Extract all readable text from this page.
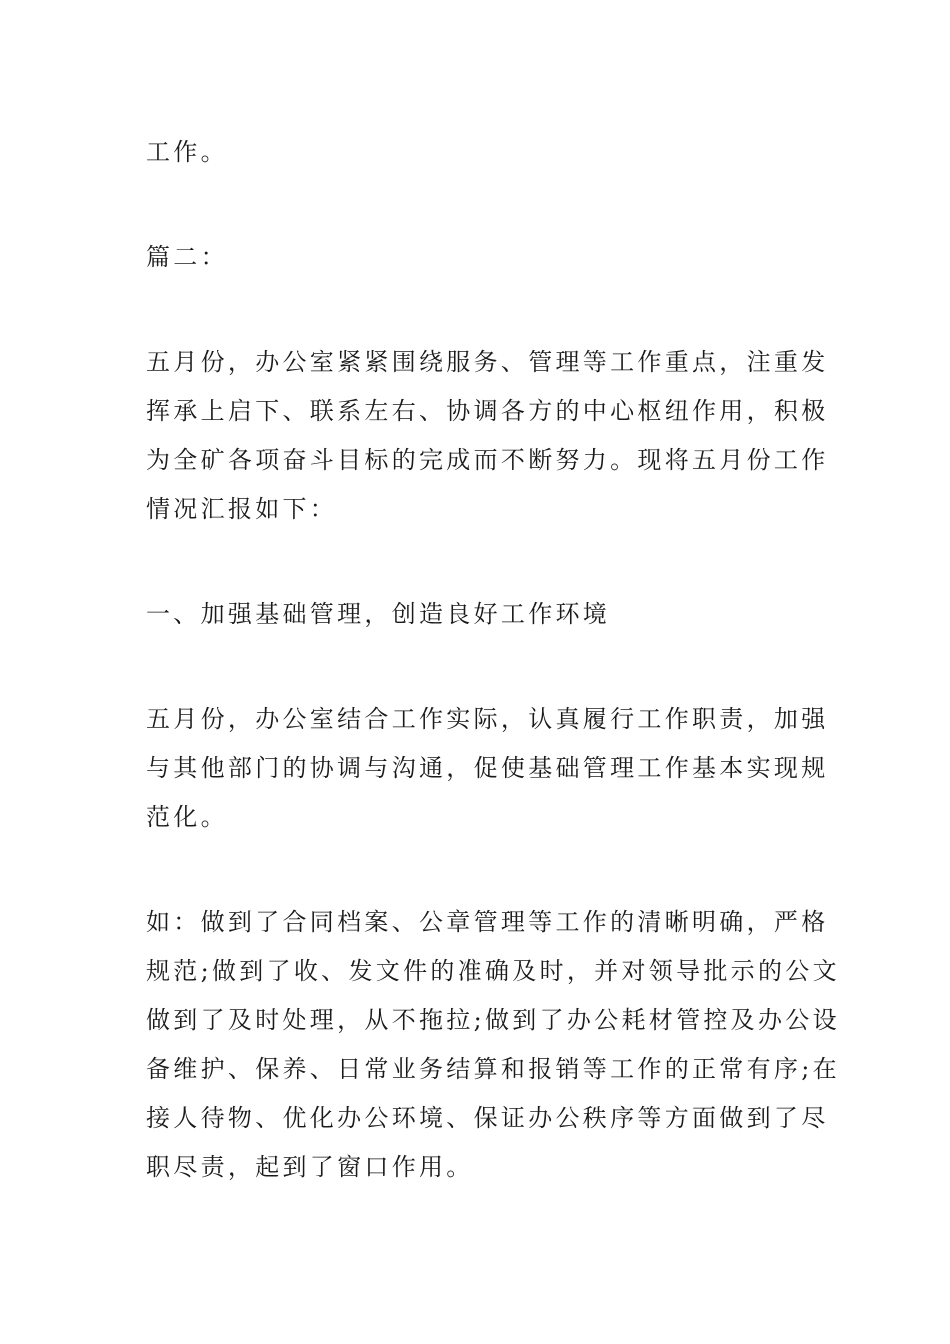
工作。

篇二：

五月份，办公室紧紧围绕服务、管理等工作重点，注重发
挥承上启下、联系左右、协调各方的中心枢纽作用，积极
为全矿各项奋斗目标的完成而不断努力。现将五月份工作
情况汇报如下：

一、加强基础管理，创造良好工作环境

五月份，办公室结合工作实际，认真履行工作职责，加强
与其他部门的协调与沟通，促使基础管理工作基本实现规
范化。

如：做到了合同档案、公章管理等工作的清晰明确，严格
规范;做到了收、发文件的准确及时，并对领导批示的公文
做到了及时处理，从不拖拉;做到了办公耗材管控及办公设
备维护、保养、日常业务结算和报销等工作的正常有序;在
接人待物、优化办公环境、保证办公秩序等方面做到了尽
职尽责，起到了窗口作用。
